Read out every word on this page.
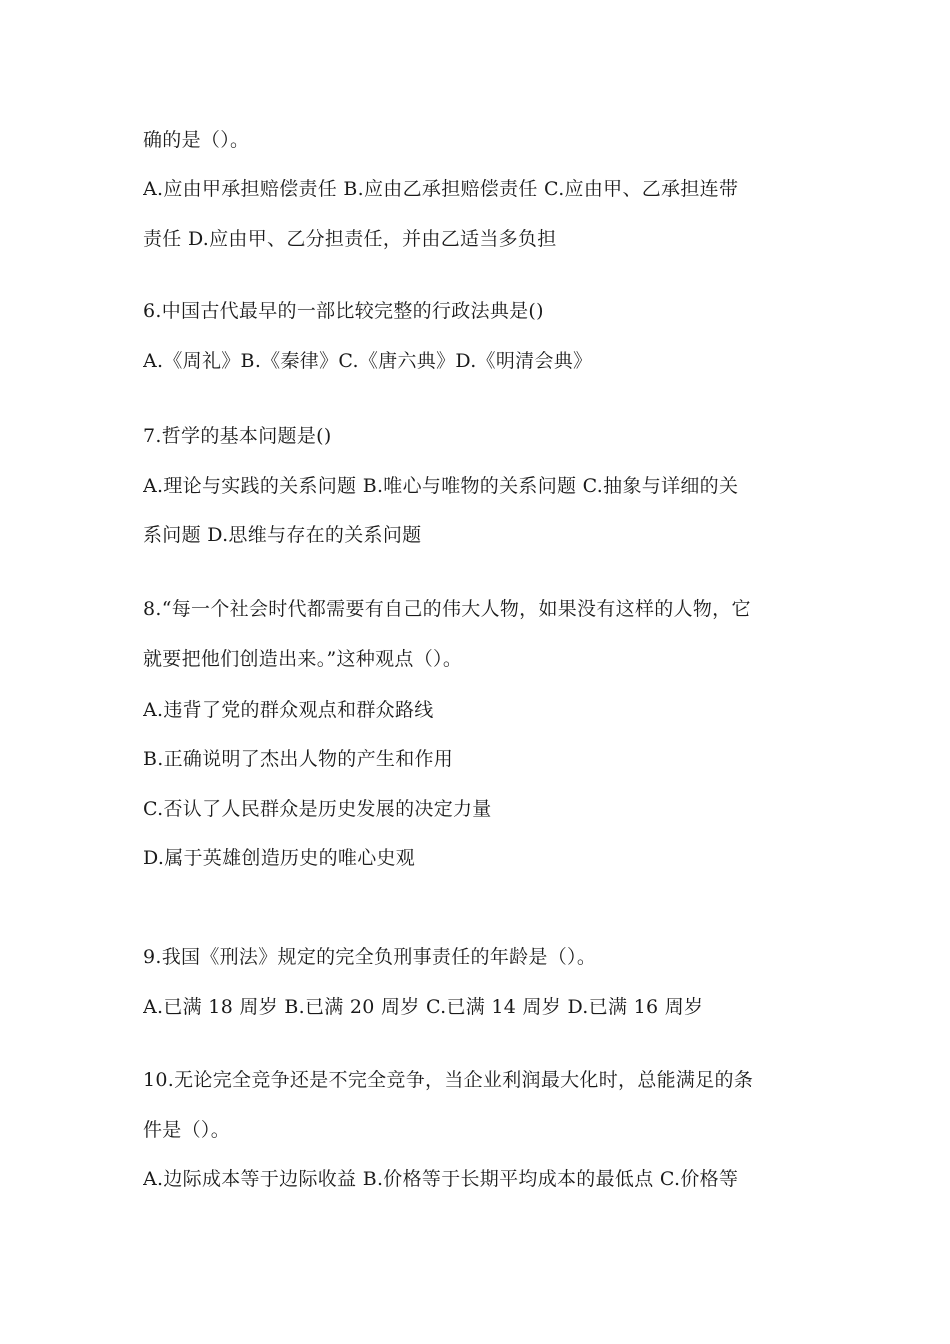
确的是（）。
A.应由甲承担赔偿责任 B.应由乙承担赔偿责任 C.应由甲、乙承担连带
责任 D.应由甲、乙分担责任，并由乙适当多负担
6.中国古代最早的一部比较完整的行政法典是()
A.《周礼》B.《秦律》C.《唐六典》D.《明清会典》
7.哲学的基本问题是()
A.理论与实践的关系问题 B.唯心与唯物的关系问题 C.抽象与详细的关
系问题 D.思维与存在的关系问题
8.“每一个社会时代都需要有自己的伟大人物，如果没有这样的人物，它
就要把他们创造出来。”这种观点（）。
A.违背了党的群众观点和群众路线
B.正确说明了杰出人物的产生和作用
C.否认了人民群众是历史发展的决定力量
D.属于英雄创造历史的唯心史观
9.我国《刑法》规定的完全负刑事责任的年龄是（）。
A.已满 18 周岁 B.已满 20 周岁 C.已满 14 周岁 D.已满 16 周岁
10.无论完全竞争还是不完全竞争，当企业利润最大化时，总能满足的条
件是（）。
A.边际成本等于边际收益 B.价格等于长期平均成本的最低点 C.价格等
